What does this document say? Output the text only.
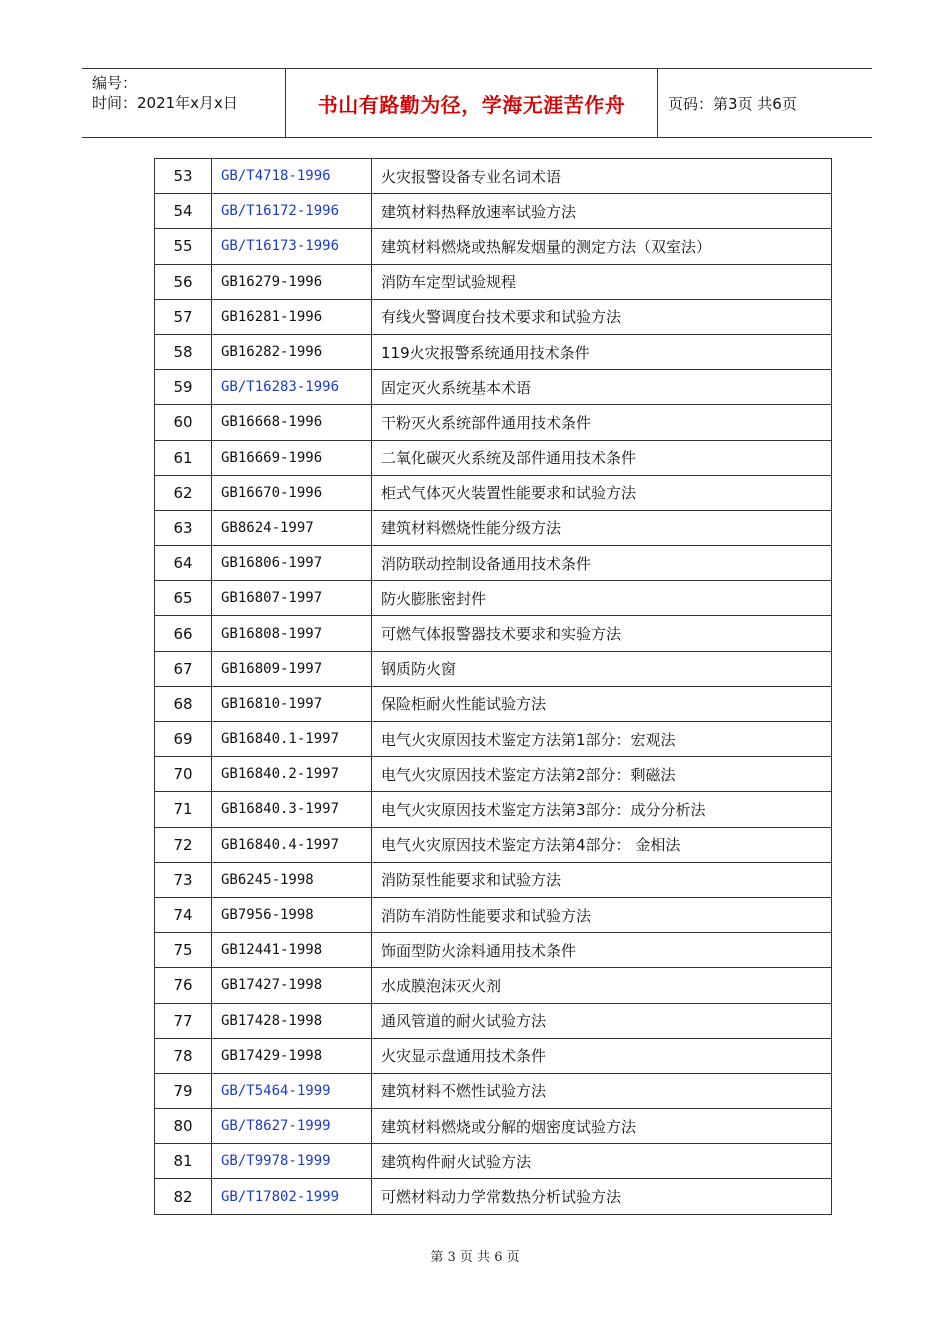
编号：
时间：2021年x月x日	书山有路勤为径，学海无涯苦作舟	页码：第3页 共6页
53	GB/T4718-1996	火灾报警设备专业名词术语
54	GB/T16172-1996	建筑材料热释放速率试验方法
55	GB/T16173-1996	建筑材料燃烧或热解发烟量的测定方法（双室法）
56	GB16279-1996	消防车定型试验规程
57	GB16281-1996	有线火警调度台技术要求和试验方法
58	GB16282-1996	119火灾报警系统通用技术条件
59	GB/T16283-1996	固定灭火系统基本术语
60	GB16668-1996	干粉灭火系统部件通用技术条件
61	GB16669-1996	二氧化碳灭火系统及部件通用技术条件
62	GB16670-1996	柜式气体灭火装置性能要求和试验方法
63	GB8624-1997	建筑材料燃烧性能分级方法
64	GB16806-1997	消防联动控制设备通用技术条件
65	GB16807-1997	防火膨胀密封件
66	GB16808-1997	可燃气体报警器技术要求和实验方法
67	GB16809-1997	钢质防火窗
68	GB16810-1997	保险柜耐火性能试验方法
69	GB16840.1-1997	电气火灾原因技术鉴定方法第1部分：宏观法
70	GB16840.2-1997	电气火灾原因技术鉴定方法第2部分：剩磁法
71	GB16840.3-1997	电气火灾原因技术鉴定方法第3部分：成分分析法
72	GB16840.4-1997	电气火灾原因技术鉴定方法第4部分： 金相法
73	GB6245-1998	消防泵性能要求和试验方法
74	GB7956-1998	消防车消防性能要求和试验方法
75	GB12441-1998	饰面型防火涂料通用技术条件
76	GB17427-1998	水成膜泡沫灭火剂
77	GB17428-1998	通风管道的耐火试验方法
78	GB17429-1998	火灾显示盘通用技术条件
79	GB/T5464-1999	建筑材料不燃性试验方法
80	GB/T8627-1999	建筑材料燃烧或分解的烟密度试验方法
81	GB/T9978-1999	建筑构件耐火试验方法
82	GB/T17802-1999	可燃材料动力学常数热分析试验方法
第 3 页 共 6 页
